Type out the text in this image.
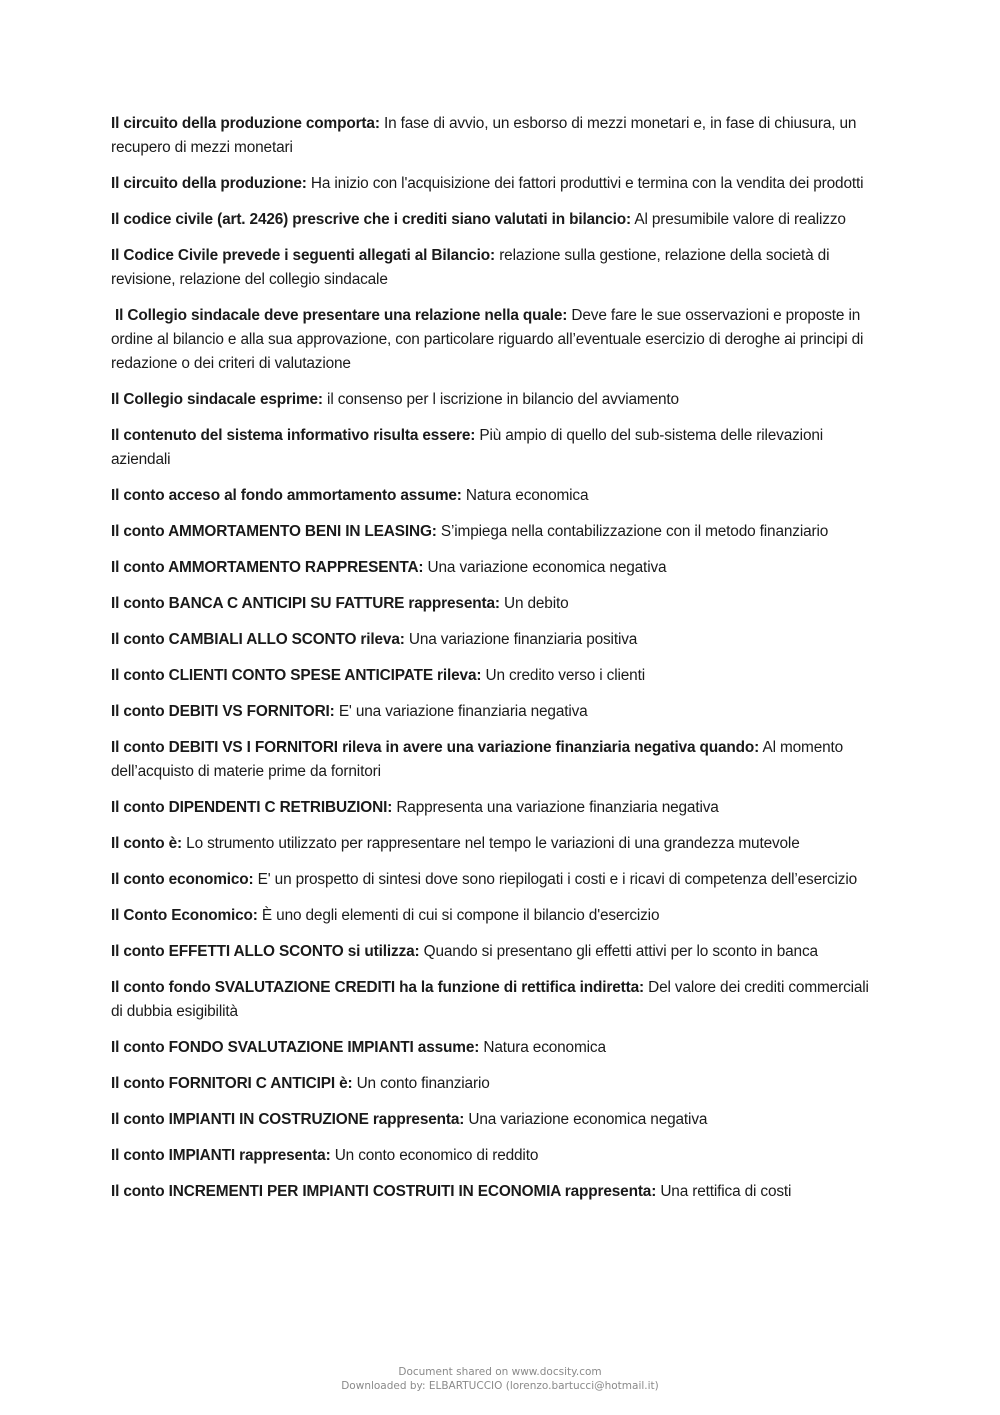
Il circuito della produzione comporta: In fase di avvio, un esborso di mezzi monetari e, in fase di chiusura, un recupero di mezzi monetari

Il circuito della produzione: Ha inizio con l'acquisizione dei fattori produttivi e termina con la vendita dei prodotti

Il codice civile (art. 2426) prescrive che i crediti siano valutati in bilancio: Al presumibile valore di realizzo

Il Codice Civile prevede i seguenti allegati al Bilancio: relazione sulla gestione, relazione della società di revisione, relazione del collegio sindacale

Il Collegio sindacale deve presentare una relazione nella quale: Deve fare le sue osservazioni e proposte in ordine al bilancio e alla sua approvazione, con particolare riguardo all’eventuale esercizio di deroghe ai principi di redazione o dei criteri di valutazione

Il Collegio sindacale esprime: il consenso per l iscrizione in bilancio del avviamento

Il contenuto del sistema informativo risulta essere: Più ampio di quello del sub-sistema delle rilevazioni aziendali

Il conto acceso al fondo ammortamento assume: Natura economica

Il conto AMMORTAMENTO BENI IN LEASING: S’impiega nella contabilizzazione con il metodo finanziario

Il conto AMMORTAMENTO RAPPRESENTA: Una variazione economica negativa

Il conto BANCA C ANTICIPI SU FATTURE rappresenta: Un debito

Il conto CAMBIALI ALLO SCONTO rileva: Una variazione finanziaria positiva

Il conto CLIENTI CONTO SPESE ANTICIPATE rileva: Un credito verso i clienti

Il conto DEBITI VS FORNITORI: E' una variazione finanziaria negativa

Il conto DEBITI VS I FORNITORI rileva in avere una variazione finanziaria negativa quando: Al momento dell’acquisto di materie prime da fornitori

Il conto DIPENDENTI C RETRIBUZIONI: Rappresenta una variazione finanziaria negativa

Il conto è: Lo strumento utilizzato per rappresentare nel tempo le variazioni di una grandezza mutevole

Il conto economico: E' un prospetto di sintesi dove sono riepilogati i costi e i ricavi di competenza dell’esercizio

Il Conto Economico: È uno degli elementi di cui si compone il bilancio d'esercizio

Il conto EFFETTI ALLO SCONTO si utilizza: Quando si presentano gli effetti attivi per lo sconto in banca

Il conto fondo SVALUTAZIONE CREDITI ha la funzione di rettifica indiretta: Del valore dei crediti commerciali di dubbia esigibilità

Il conto FONDO SVALUTAZIONE IMPIANTI assume: Natura economica

Il conto FORNITORI C ANTICIPI è: Un conto finanziario

Il conto IMPIANTI IN COSTRUZIONE rappresenta: Una variazione economica negativa

Il conto IMPIANTI rappresenta: Un conto economico di reddito

Il conto INCREMENTI PER IMPIANTI COSTRUITI IN ECONOMIA rappresenta: Una rettifica di costi

Document shared on www.docsity.com
Downloaded by: ELBARTUCCIO (lorenzo.bartucci@hotmail.it)
